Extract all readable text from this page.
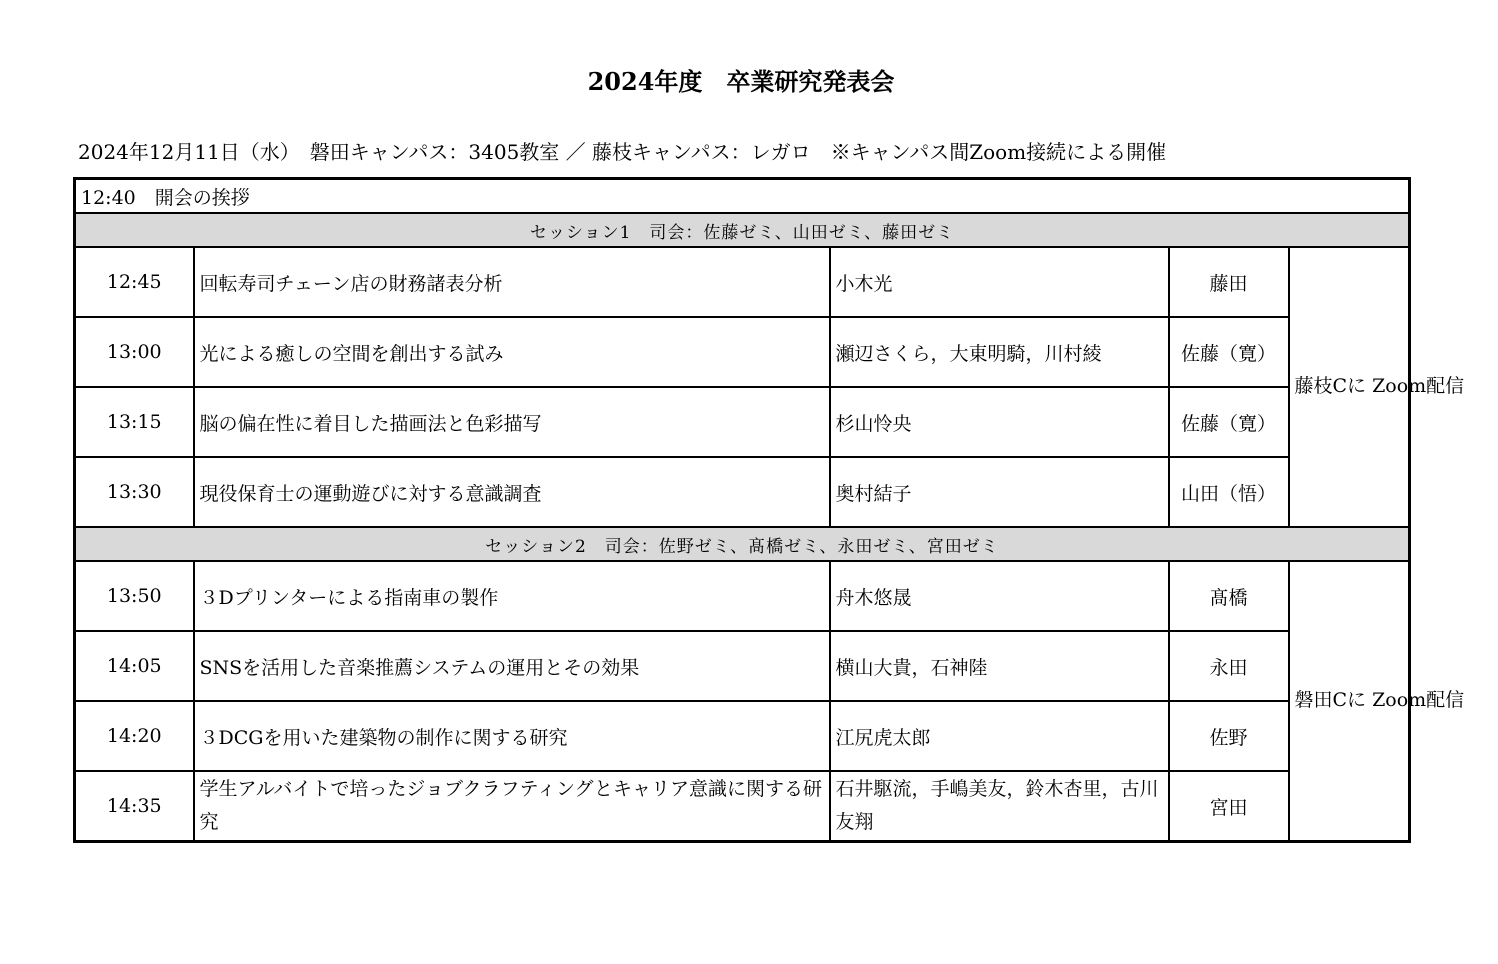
2024年度　卒業研究発表会
2024年12月11日（水）　磐田キャンパス：3405教室 ／ 藤枝キャンパス：レガロ　※キャンパス間Zoom接続による開催
12:40　開会の挨拶				
セッション1　司会：佐藤ゼミ、山田ゼミ、藤田ゼミ				
12:45	回転寿司チェーン店の財務諸表分析	小木光	藤田	藤枝Cに Zoom配信
13:00	光による癒しの空間を創出する試み	瀬辺さくら，大東明騎，川村綾	佐藤（寛）	
13:15	脳の偏在性に着目した描画法と色彩描写	杉山怜央	佐藤（寛）	
13:30	現役保育士の運動遊びに対する意識調査	奥村結子	山田（悟）	
セッション2　司会：佐野ゼミ、髙橋ゼミ、永田ゼミ、宮田ゼミ				
13:50	３Dプリンターによる指南車の製作	舟木悠晟	髙橋	磐田Cに Zoom配信
14:05	SNSを活用した音楽推薦システムの運用とその効果	横山大貴，石神陸	永田	
14:20	３DCGを用いた建築物の制作に関する研究	江尻虎太郎	佐野	
14:35	学生アルバイトで培ったジョブクラフティングとキャリア意識に関する研究	石井駆流，手嶋美友，鈴木杏里，古川友翔	宮田	
